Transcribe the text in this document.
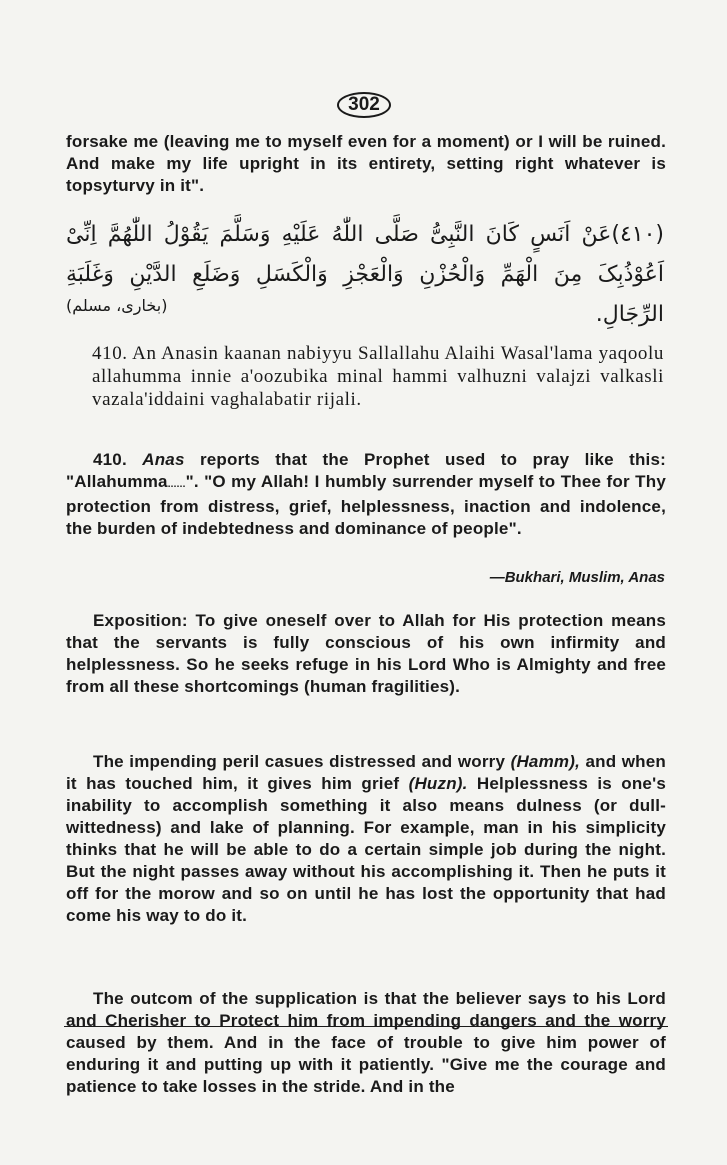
302

forsake me (leaving me to myself even for a moment) or I will be ruined. And make my life upright in its entirety, setting right whatever is topsyturvy in it".

(٤١٠)عَنْ اَنَسٍ كَانَ النَّبِیُّ صَلَّی اللّٰهُ عَلَیْهِ وَسَلَّمَ یَقُوْلُ اللّٰهُمَّ اِنِّیْ اَعُوْذُبِکَ مِنَ الْهَمِّ وَالْحُزْنِ وَالْعَجْزِ وَالْکَسَلِ وَضَلَعِ الدَّیْنِ وَغَلَبَةِ الرِّجَالِ.

(بخاری، مسلم)

410. An Anasin kaanan nabiyyu Sallallahu Alaihi Wasal'lama yaqoolu allahumma innie a'oozubika minal hammi valhuzni valajzi valkasli vazala'iddaini vaghalabatir rijali.

410. Anas reports that the Prophet used to pray like this: "Allahumma......". "O my Allah! I humbly surrender myself to Thee for Thy protection from distress, grief, helplessness, inaction and indolence, the burden of indebtedness and dominance of people".

—Bukhari, Muslim, Anas

Exposition: To give oneself over to Allah for His protection means that the servants is fully conscious of his own infirmity and helplessness. So he seeks refuge in his Lord Who is Almighty and free from all these shortcomings (human fragilities).

The impending peril casues distressed and worry (Hamm), and when it has touched him, it gives him grief (Huzn). Helplessness is one's inability to accomplish something it also means dulness (or dull-wittedness) and lake of planning. For example, man in his simplicity thinks that he will be able to do a certain simple job during the night. But the night passes away without his accomplishing it. Then he puts it off for the morow and so on until he has lost the opportunity that had come his way to do it.

The outcom of the supplication is that the believer says to his Lord and Cherisher to Protect him from impending dangers and the worry caused by them. And in the face of trouble to give him power of enduring it and putting up with it patiently. "Give me the courage and patience to take losses in the stride. And in the
